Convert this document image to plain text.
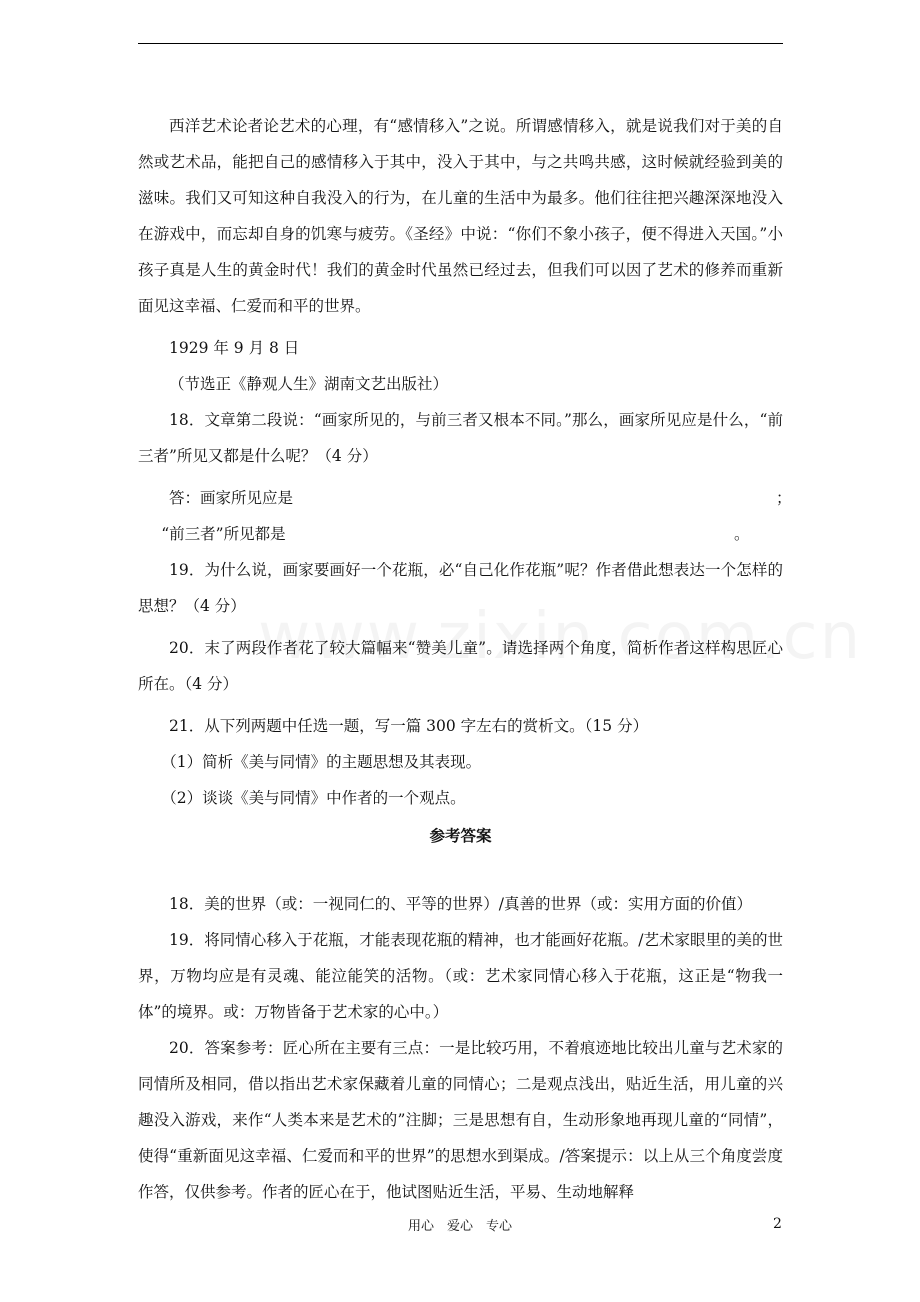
西洋艺术论者论艺术的心理，有“感情移入”之说。所谓感情移入，就是说我们对于美的自然或艺术品，能把自己的感情移入于其中，没入于其中，与之共鸣共感，这时候就经验到美的滋味。我们又可知这种自我没入的行为，在儿童的生活中为最多。他们往往把兴趣深深地没入在游戏中，而忘却自身的饥寒与疲劳。《圣经》中说：“你们不象小孩子，便不得进入天国。”小孩子真是人生的黄金时代！我们的黄金时代虽然已经过去，但我们可以因了艺术的修养而重新面见这幸福、仁爱而和平的世界。

1929 年 9 月 8 日

（节选正《静观人生》湖南文艺出版社）

18．文章第二段说：“画家所见的，与前三者又根本不同。”那么，画家所见应是什么，“前三者”所见又都是什么呢？（4 分）

答：画家所见应是	；
“前三者”所见都是	。

19．为什么说，画家要画好一个花瓶，必“自己化作花瓶”呢？作者借此想表达一个怎样的思想？（4 分）

20．末了两段作者花了较大篇幅来“赞美儿童”。请选择两个角度，简析作者这样构思匠心所在。（4 分）

21．从下列两题中任选一题，写一篇 300 字左右的赏析文。（15 分）

（1）简析《美与同情》的主题思想及其表现。

（2）谈谈《美与同情》中作者的一个观点。

参考答案

18．美的世界（或：一视同仁的、平等的世界）/真善的世界（或：实用方面的价值）

19．将同情心移入于花瓶，才能表现花瓶的精神，也才能画好花瓶。/艺术家眼里的美的世界，万物均应是有灵魂、能泣能笑的活物。（或：艺术家同情心移入于花瓶，这正是“物我一体”的境界。或：万物皆备于艺术家的心中。）

20．答案参考：匠心所在主要有三点：一是比较巧用，不着痕迹地比较出儿童与艺术家的同情所及相同，借以指出艺术家保藏着儿童的同情心；二是观点浅出，贴近生活，用儿童的兴趣没入游戏，来作“人类本来是艺术的”注脚；三是思想有自，生动形象地再现儿童的“同情”，使得“重新面见这幸福、仁爱而和平的世界”的思想水到渠成。/答案提示：以上从三个角度尝度作答，仅供参考。作者的匠心在于，他试图贴近生活，平易、生动地解释

用心　爱心　专心	2
